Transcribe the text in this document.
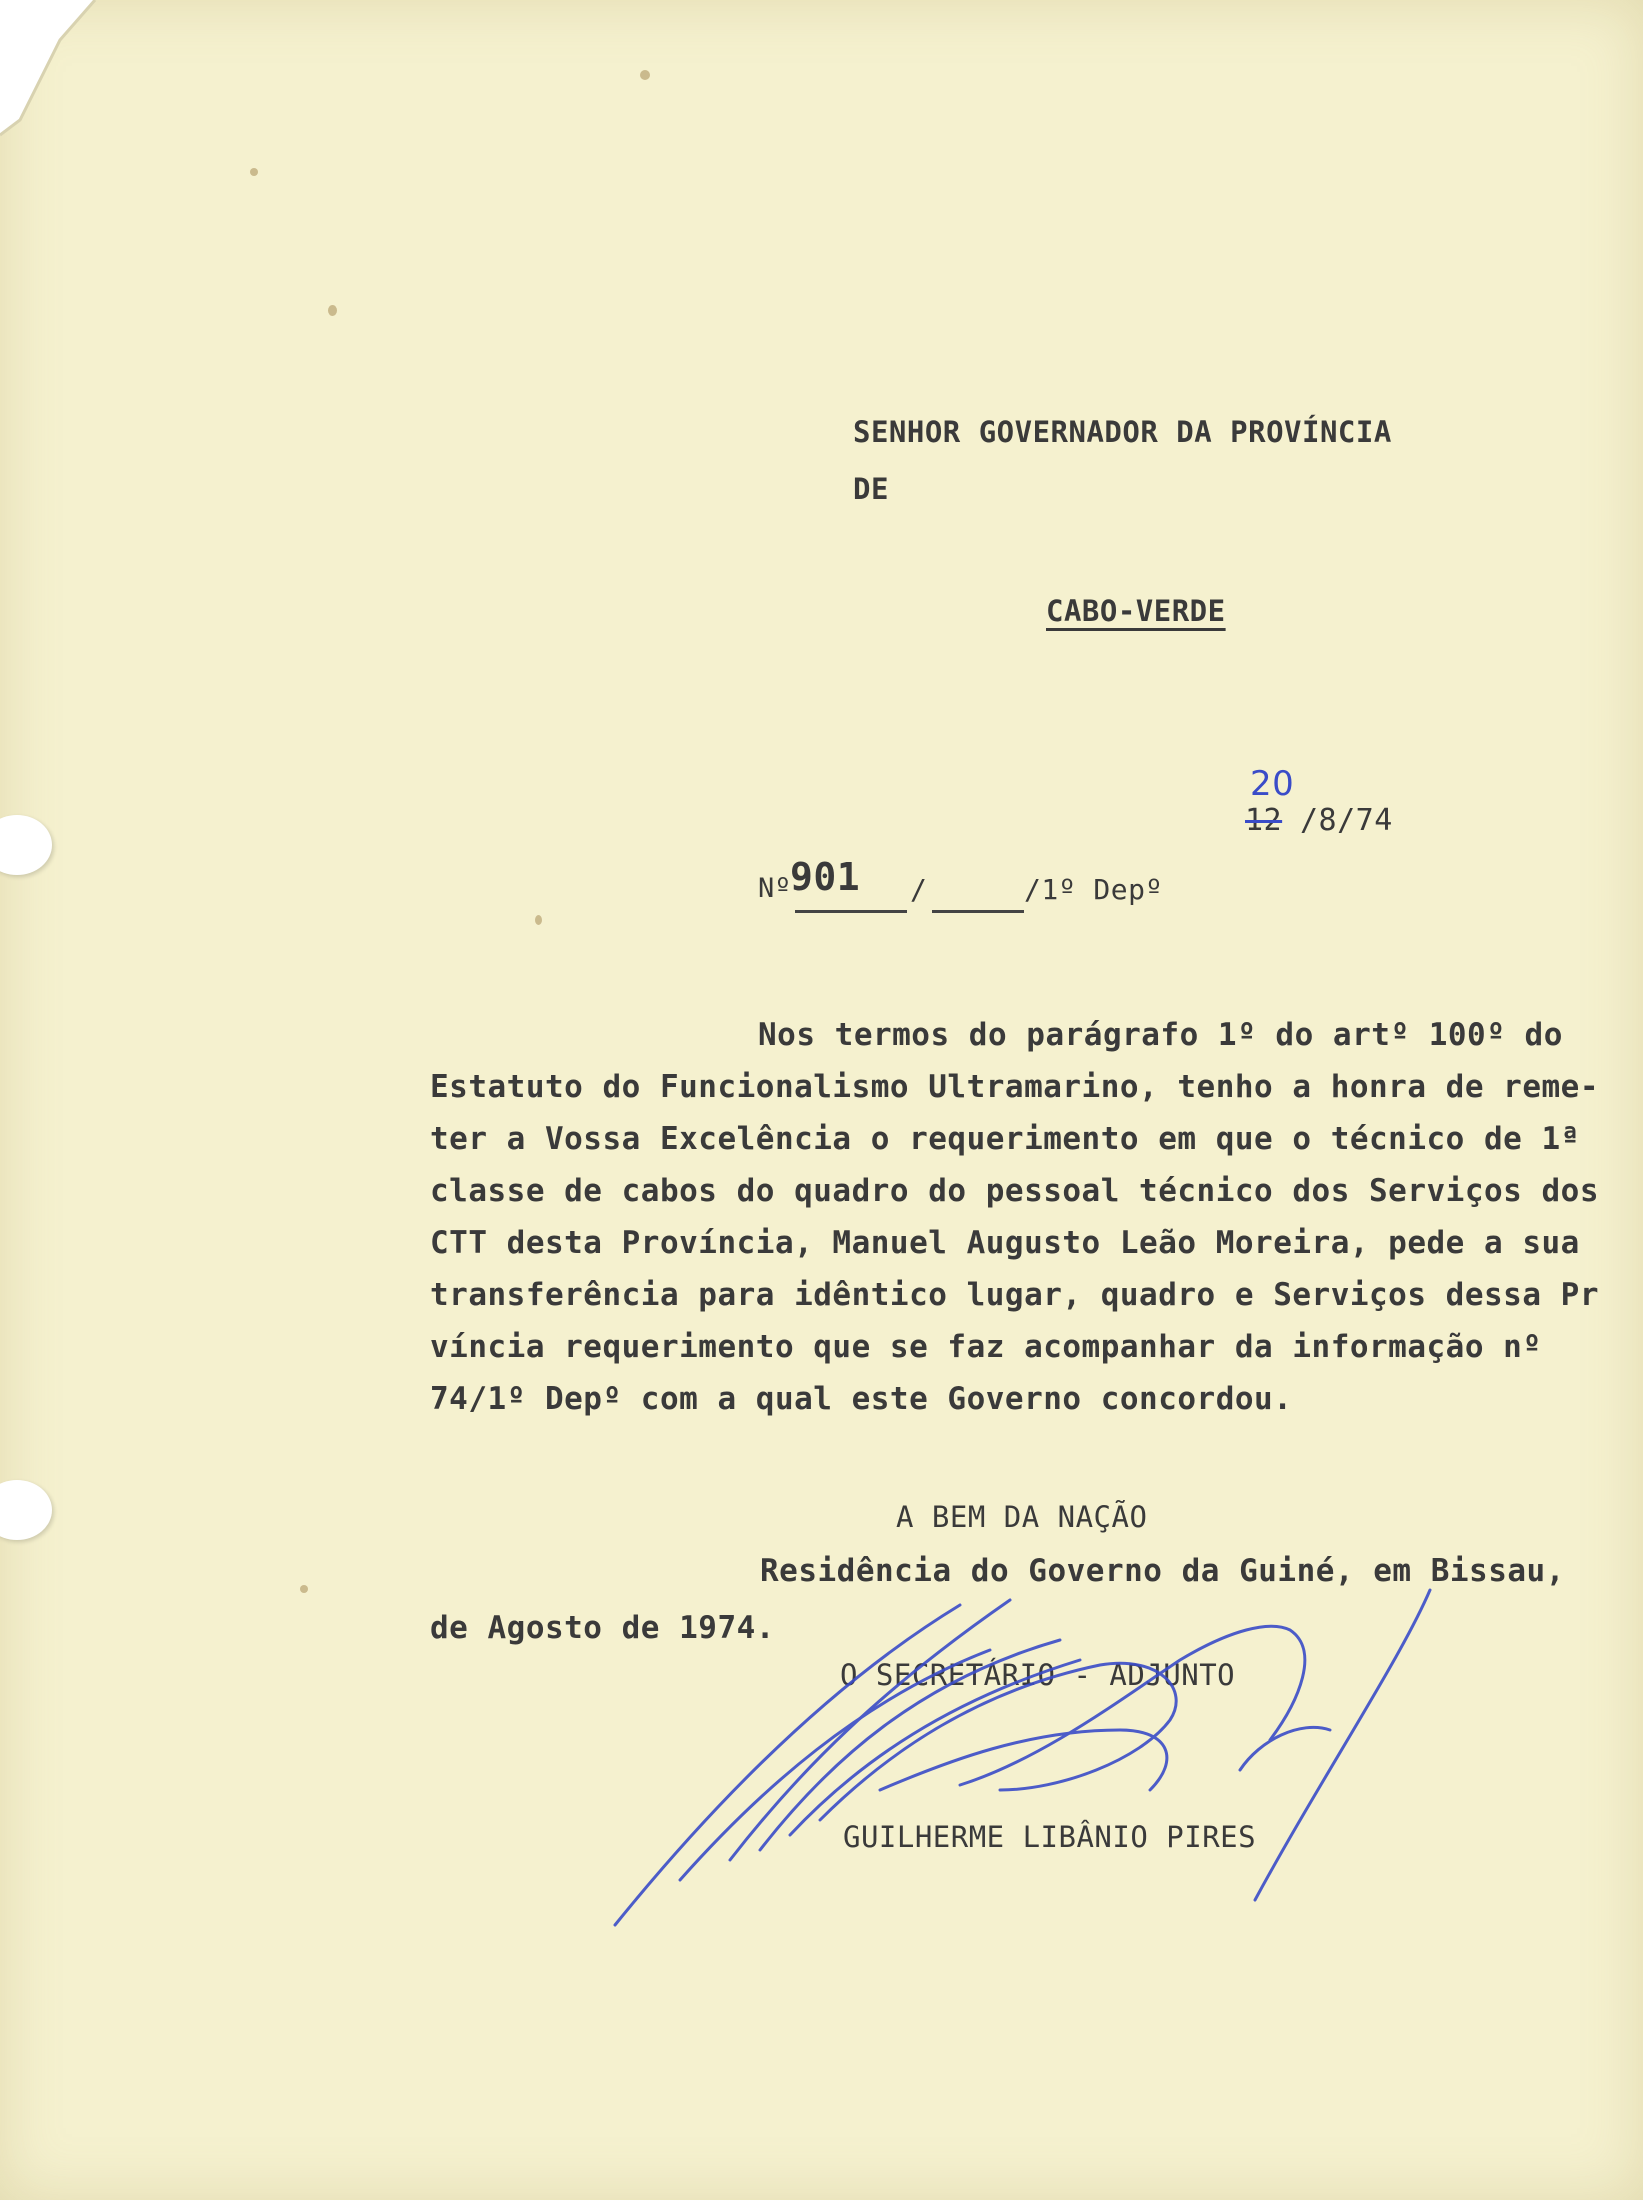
SENHOR GOVERNADOR DA PROVÍNCIA
DE
CABO-VERDE
20
12 /8/74
Nº
901 /	/1º Depº
Nos termos do parágrafo 1º do artº 100º do
Estatuto do Funcionalismo Ultramarino, tenho a honra de reme-
ter a Vossa Excelência o requerimento em que o técnico de 1ª
classe de cabos do quadro do pessoal técnico dos Serviços dos
CTT desta Província, Manuel Augusto Leão Moreira, pede a sua
transferência para idêntico lugar, quadro e Serviços dessa Pr
víncia requerimento que se faz acompanhar da informação nº
74/1º Depº com a qual este Governo concordou.
A BEM DA NAÇÃO
Residência do Governo da Guiné, em Bissau,
de Agosto de 1974.
O SECRETÁRIO - ADJUNTO
GUILHERME LIBÂNIO PIRES
